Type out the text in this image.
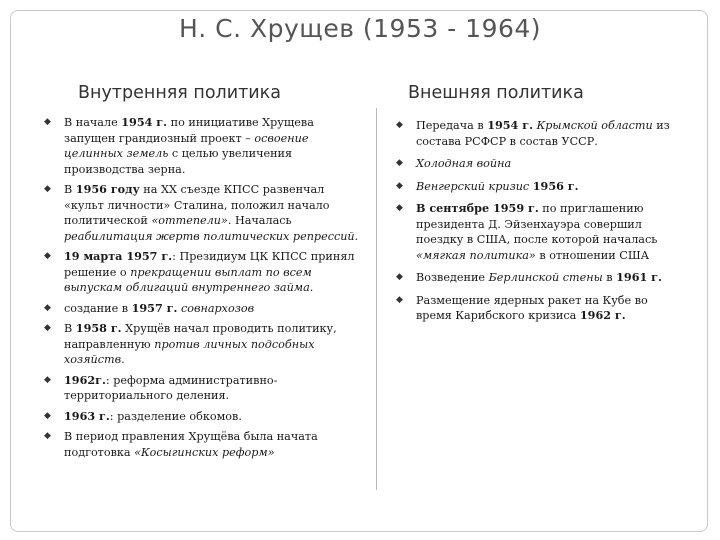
Н. С. Хрущев (1953 - 1964)
Внутренняя политика	Внешняя политика
◆ В начале 1954 г. по инициативе Хрущева запущен грандиозный проект – освоение целинных земель с целью увеличения производства зерна.
◆ В 1956 году на XX съезде КПСС развенчал «культ личности» Сталина, положил начало политической «оттепели». Началась реабилитация жертв политических репрессий.
◆ 19 марта 1957 г.: Президиум ЦК КПСС принял решение о прекращении выплат по всем выпускам облигаций внутреннего займа.
◆ создание в 1957 г. совнархозов
◆ В 1958 г. Хрущёв начал проводить политику, направленную против личных подсобных хозяйств.
◆ 1962г.: реформа административно-территориального деления.
◆ 1963 г.: разделение обкомов.
◆ В период правления Хрущёва была начата подготовка «Косыгинских реформ»
◆ Передача в 1954 г. Крымской области из состава РСФСР в состав УССР.
◆ Холодная война
◆ Венгерский кризис 1956 г.
◆ В сентябре 1959 г. по приглашению президента Д. Эйзенхауэра совершил поездку в США, после которой началась «мягкая политика» в отношении США
◆ Возведение Берлинской стены в 1961 г.
◆ Размещение ядерных ракет на Кубе во время Карибского кризиса 1962 г.
